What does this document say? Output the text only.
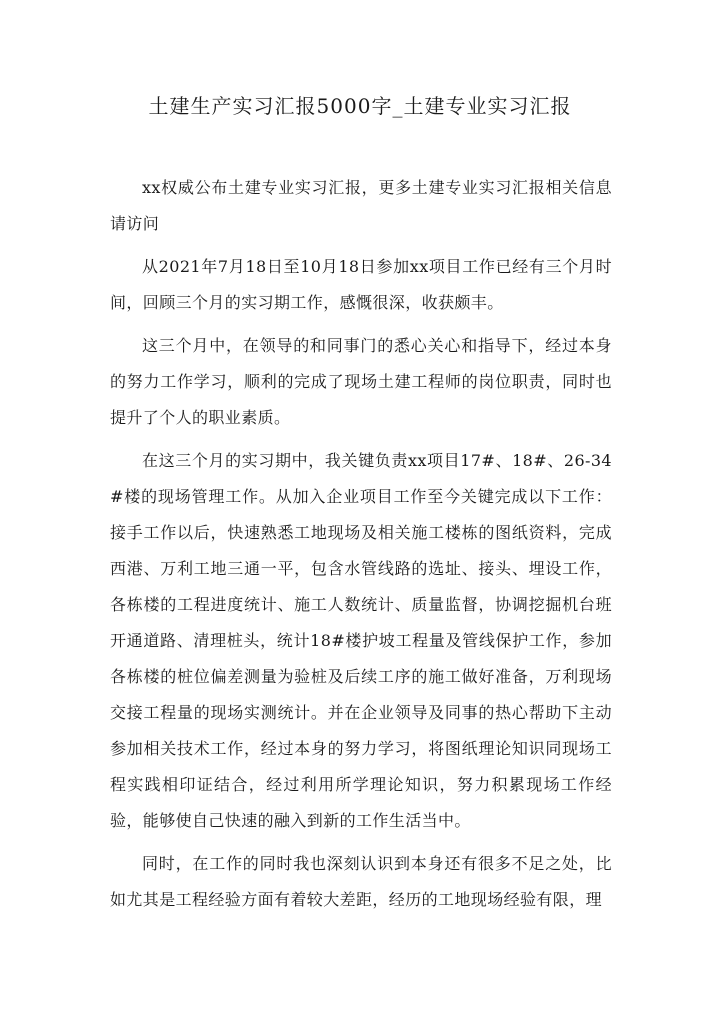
土建生产实习汇报5000字_土建专业实习汇报

xx权威公布土建专业实习汇报，更多土建专业实习汇报相关信息请访问

从2021年7月18日至10月18日参加xx项目工作已经有三个月时间，回顾三个月的实习期工作，感慨很深，收获颇丰。

这三个月中，在领导的和同事门的悉心关心和指导下，经过本身的努力工作学习，顺利的完成了现场土建工程师的岗位职责，同时也提升了个人的职业素质。

在这三个月的实习期中，我关键负责xx项目17#、18#、26-34#楼的现场管理工作。从加入企业项目工作至今关键完成以下工作：接手工作以后，快速熟悉工地现场及相关施工楼栋的图纸资料，完成西港、万利工地三通一平，包含水管线路的选址、接头、埋设工作，各栋楼的工程进度统计、施工人数统计、质量监督，协调挖掘机台班开通道路、清理桩头，统计18#楼护坡工程量及管线保护工作，参加各栋楼的桩位偏差测量为验桩及后续工序的施工做好准备，万利现场交接工程量的现场实测统计。并在企业领导及同事的热心帮助下主动参加相关技术工作，经过本身的努力学习，将图纸理论知识同现场工程实践相印证结合，经过利用所学理论知识，努力积累现场工作经验，能够使自己快速的融入到新的工作生活当中。

同时，在工作的同时我也深刻认识到本身还有很多不足之处，比如尤其是工程经验方面有着较大差距，经历的工地现场经验有限，理
